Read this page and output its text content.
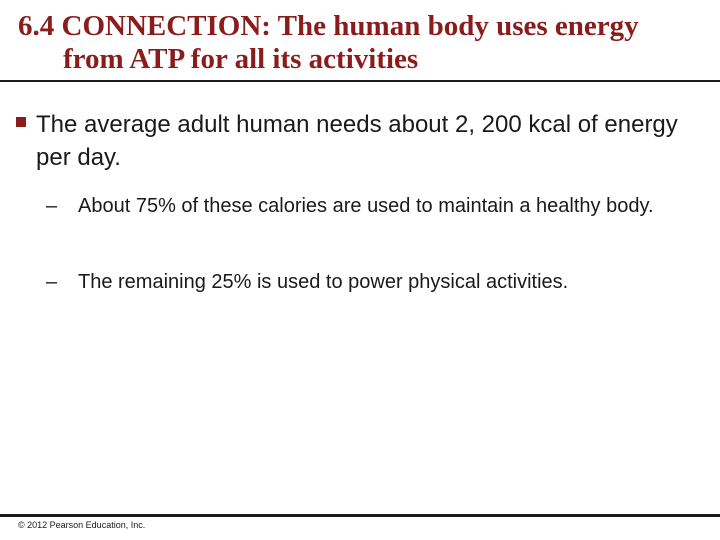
6.4 CONNECTION: The human body uses energy
from ATP for all its activities
The average adult human needs about 2, 200 kcal of energy per day.
–	About 75% of these calories are used to maintain a healthy body.
–	The remaining 25% is used to power physical activities.
© 2012 Pearson Education, Inc.
